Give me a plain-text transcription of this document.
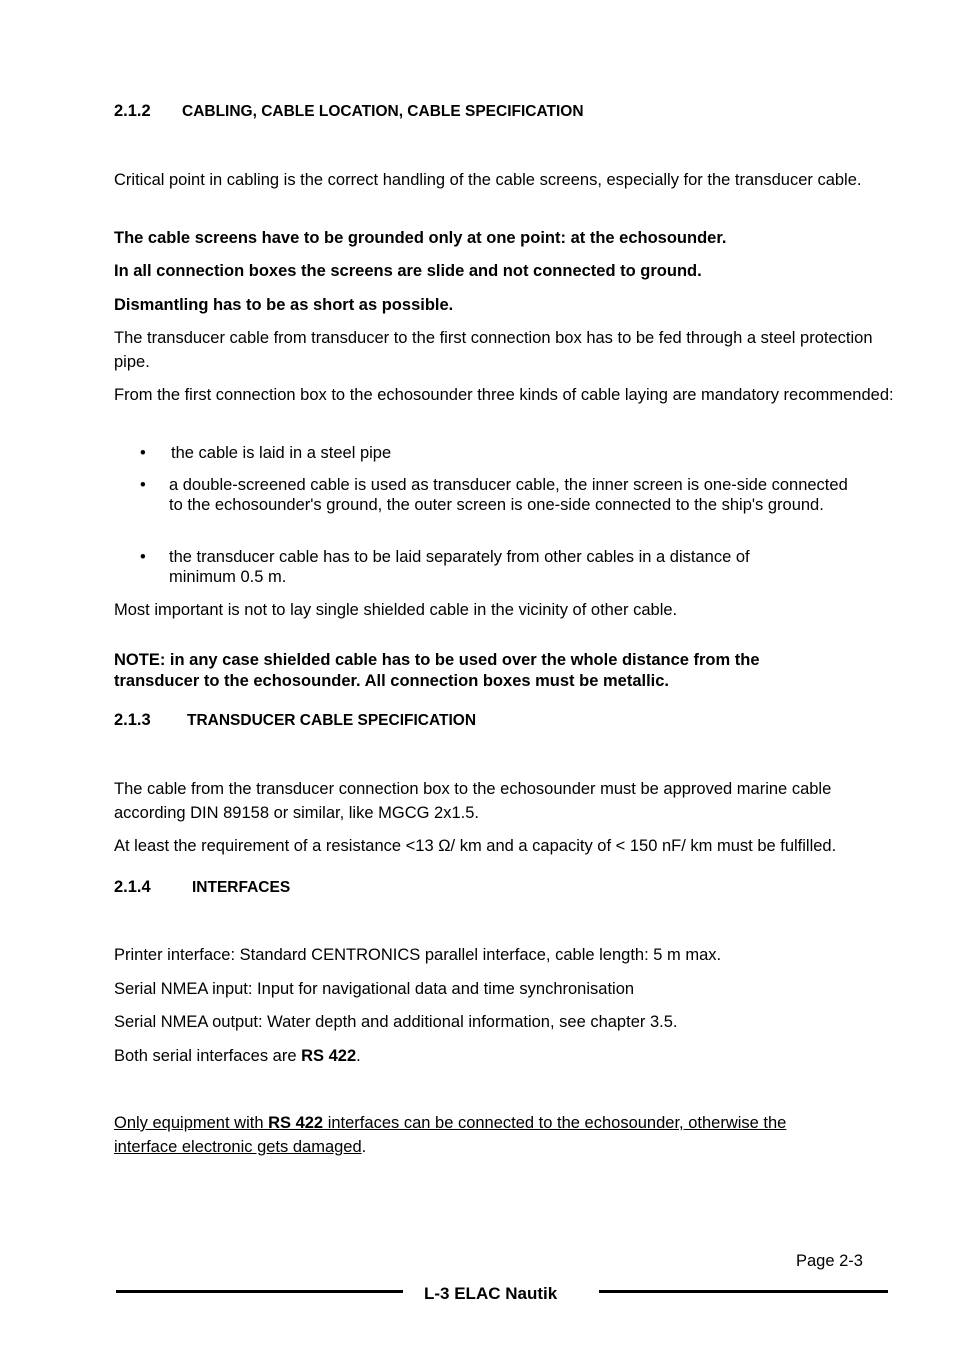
2.1.2 CABLING, CABLE LOCATION, CABLE SPECIFICATION

Critical point in cabling is the correct handling of the cable screens, especially for the transducer cable.

The cable screens have to be grounded only at one point: at the echosounder.

In all connection boxes the screens are slide and not connected to ground.

Dismantling has to be as short as possible.

The transducer cable from transducer to the first connection box has to be fed through a steel protection pipe.

From the first connection box to the echosounder three kinds of cable laying are mandatory recommended:

• the cable is laid in a steel pipe

• a double-screened cable is used as transducer cable, the inner screen is one-side connected to the echosounder's ground, the outer screen is one-side connected to the ship's ground.

• the transducer cable has to be laid separately from other cables in a distance of minimum 0.5 m.

Most important is not to lay single shielded cable in the vicinity of other cable.

NOTE: in any case shielded cable has to be used over the whole distance from the transducer to the echosounder. All connection boxes must be metallic.

2.1.3 TRANSDUCER CABLE SPECIFICATION

The cable from the transducer connection box to the echosounder must be approved marine cable according DIN 89158 or similar, like MGCG 2x1.5.

At least the requirement of a resistance <13 Ω/ km and a capacity of < 150 nF/ km must be fulfilled.

2.1.4	INTERFACES

Printer interface: Standard CENTRONICS parallel interface, cable length: 5 m max.

Serial NMEA input: Input for navigational data and time synchronisation

Serial NMEA output: Water depth and additional information, see chapter 3.5.

Both serial interfaces are RS 422.

Only equipment with RS 422 interfaces can be connected to the echosounder, otherwise the interface electronic gets damaged.

Page 2-3
L-3 ELAC Nautik
